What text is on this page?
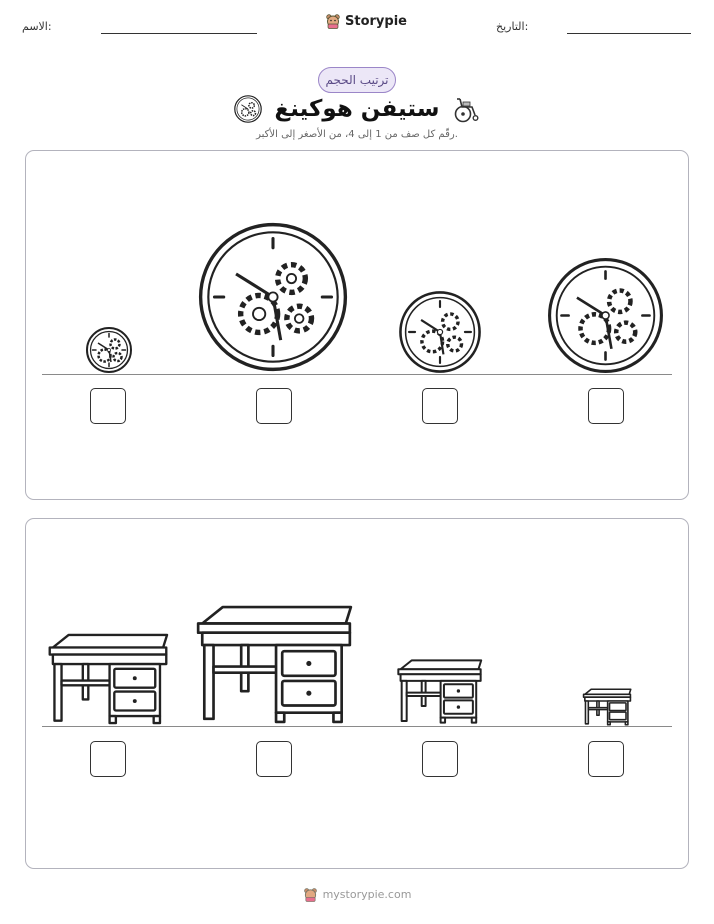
الاسم:	التاريخ:
Storypie
ترتيب الحجم
ستيفن هوكينغ
رقّم كل صف من 1 إلى 4، من الأصغر إلى الأكبر.
mystorypie.com
